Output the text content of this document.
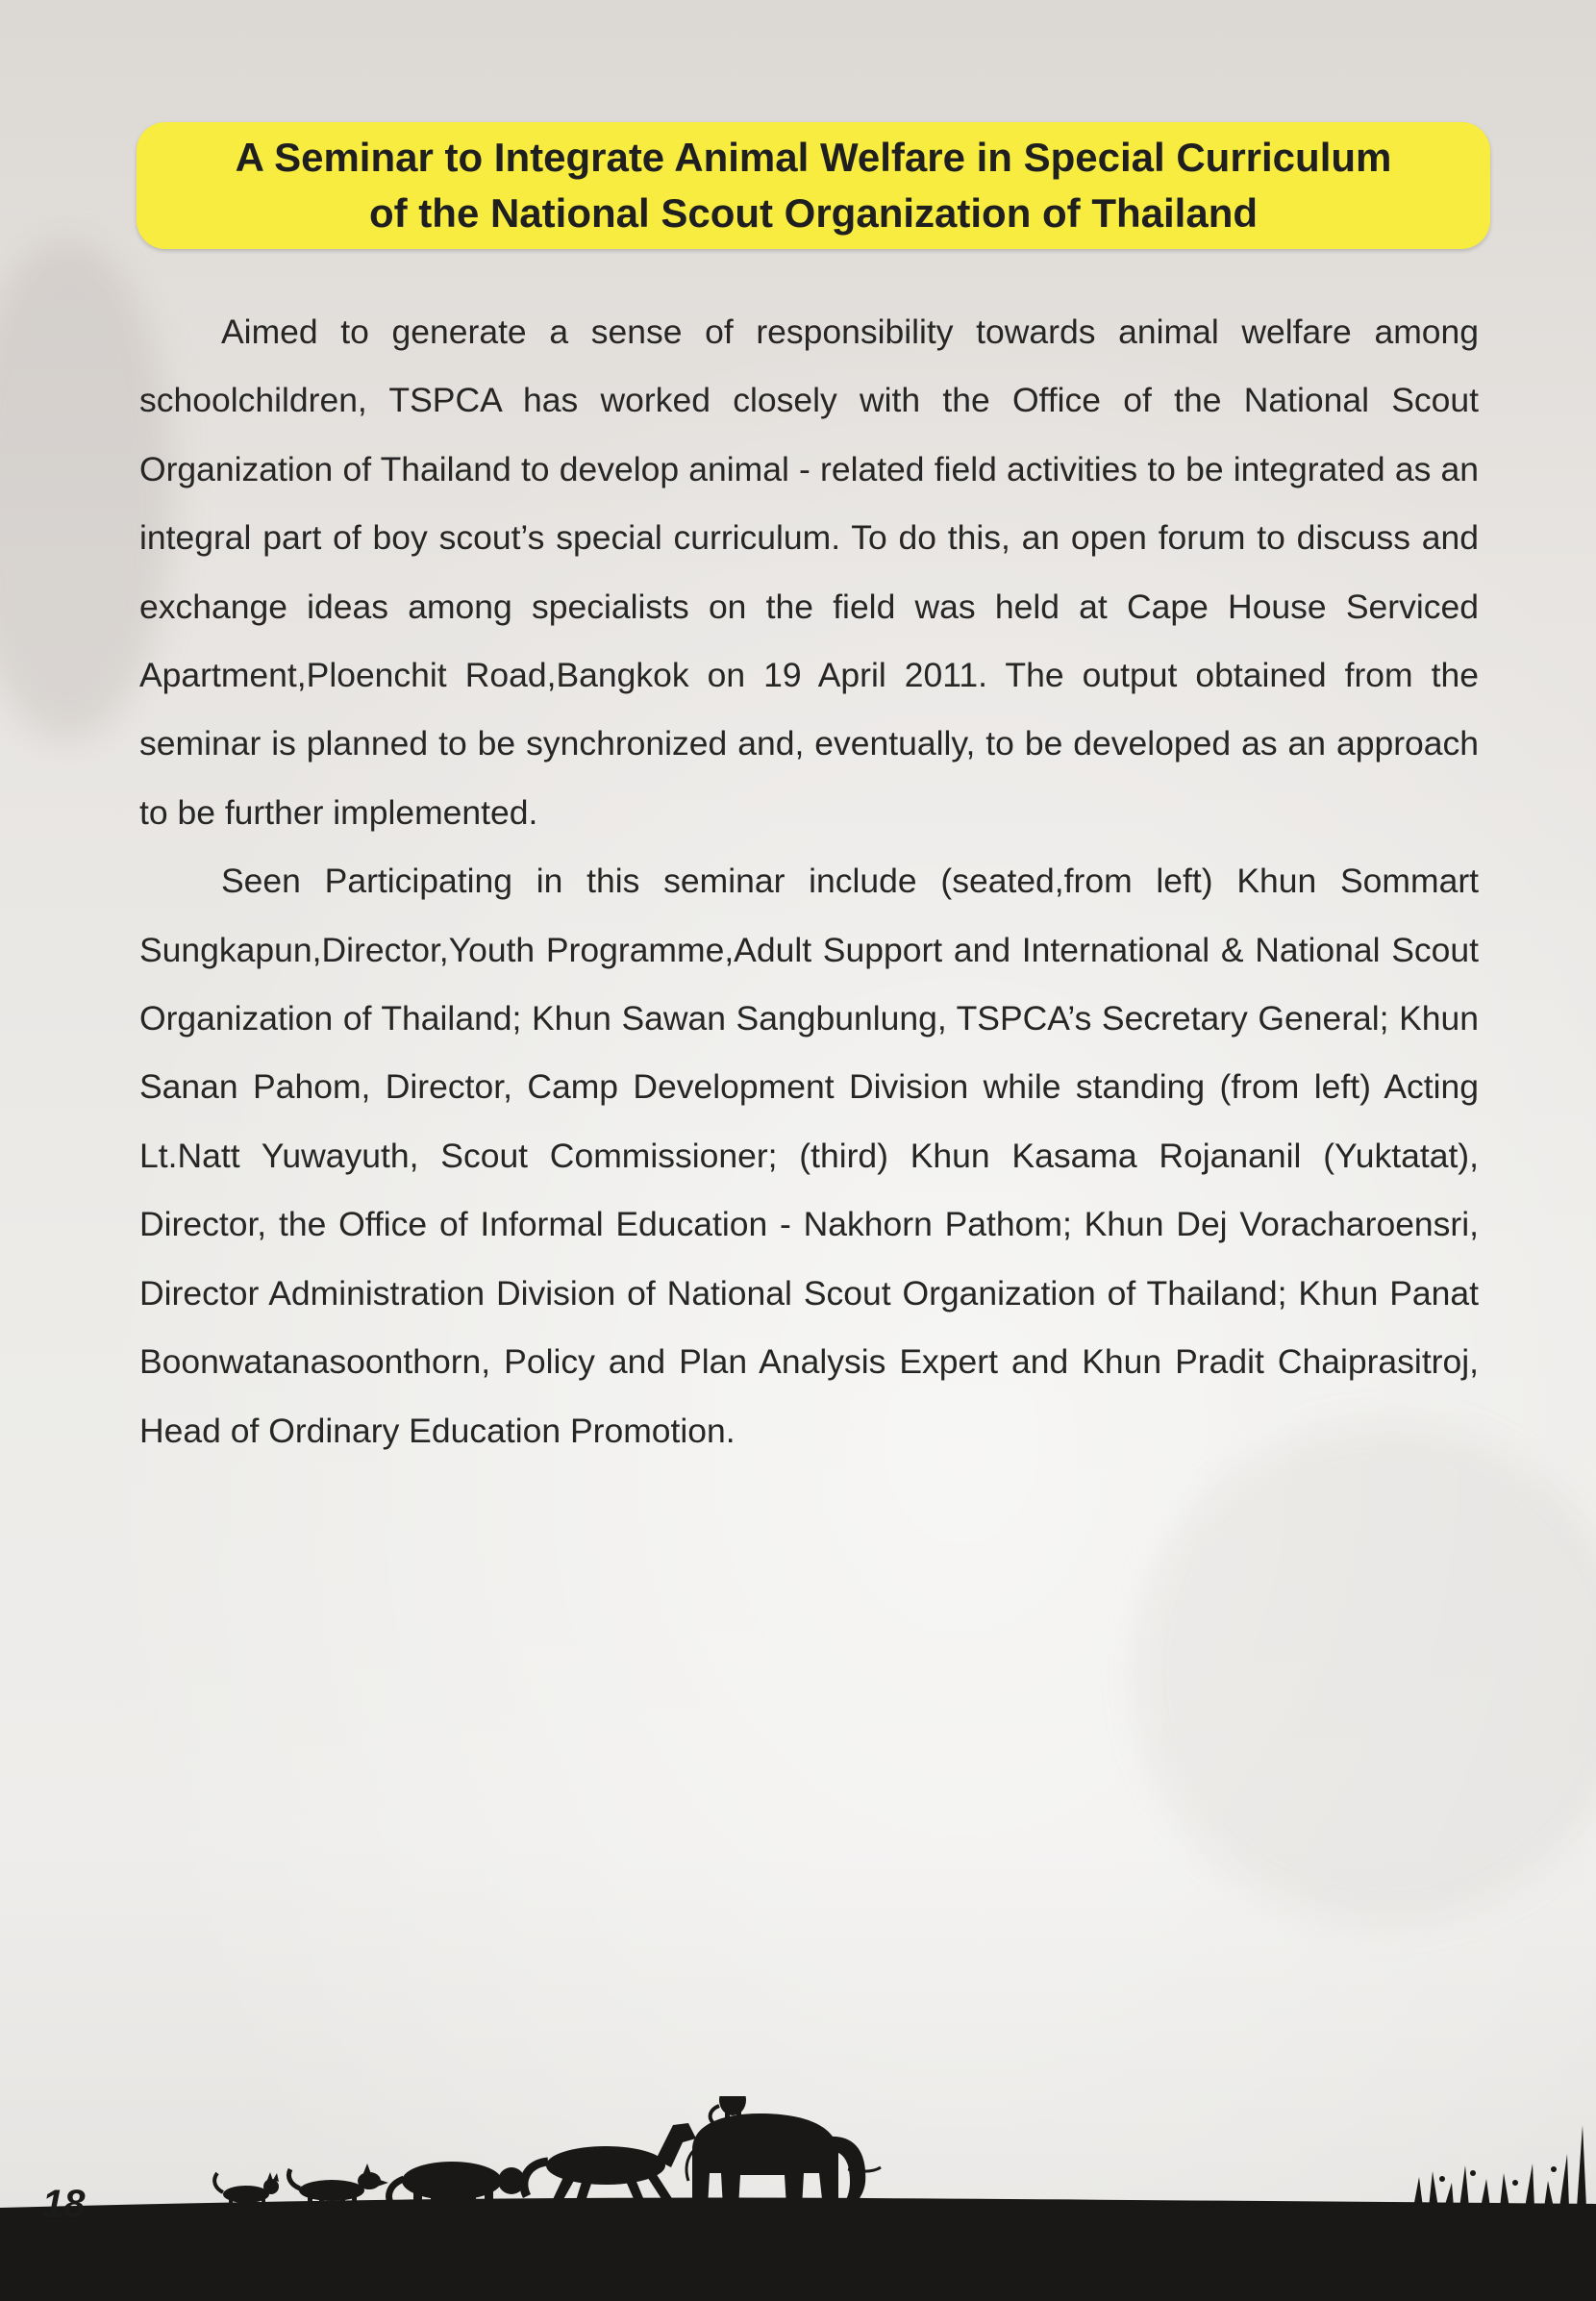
A Seminar to Integrate Animal Welfare in Special Curriculum
of the National Scout Organization of Thailand

Aimed to generate a sense of responsibility towards animal welfare among schoolchildren, TSPCA has worked closely with the Office of the National Scout Organization of Thailand to develop animal - related field activities to be integrated as an integral part of boy scout’s special curriculum. To do this, an open forum to discuss and exchange ideas among specialists on the field was held at Cape House Serviced Apartment,Ploenchit Road,Bangkok on 19 April 2011. The output obtained from the seminar is planned to be synchronized and, eventually, to be developed as an approach to be further implemented.

Seen Participating in this seminar include (seated,from left) Khun Sommart Sungkapun,Director,Youth Programme,Adult Support and International & National Scout Organization of Thailand; Khun Sawan Sangbunlung, TSPCA’s Secretary General; Khun Sanan Pahom, Director, Camp Development Division while standing (from left) Acting Lt.Natt Yuwayuth, Scout Commissioner; (third) Khun Kasama Rojananil (Yuktatat), Director, the Office of Informal Education - Nakhorn Pathom; Khun Dej Voracharoensri, Director Administration Division of National Scout Organization of Thailand; Khun Panat Boonwatanasoonthorn, Policy and Plan Analysis Expert and Khun Pradit Chaiprasitroj, Head of Ordinary Education Promotion.

18
